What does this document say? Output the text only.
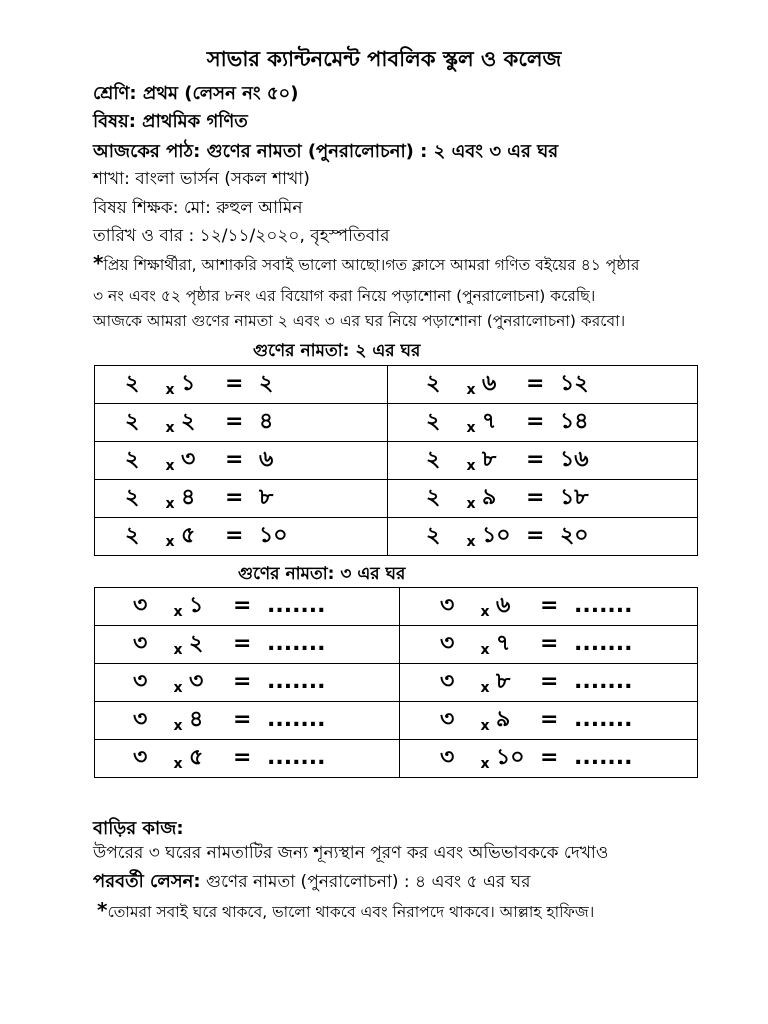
সাভার ক্যান্টনমেন্ট পাবলিক স্কুল ও কলেজ
শ্রেণি: প্রথম (লেসন নং ৫০)
বিষয়: প্রাথমিক গণিত
আজকের পাঠ: গুণের নামতা (পুনরালোচনা) : ২ এবং ৩ এর ঘর
শাখা: বাংলা ভার্সন (সকল শাখা)
বিষয় শিক্ষক: মো: রুহুল আমিন
তারিখ ও বার : ১২/১১/২০২০, বৃহস্পতিবার
*প্রিয় শিক্ষার্থীরা, আশাকরি সবাই ভালো আছো।গত ক্লাসে আমরা গণিত বইয়ের ৪১ পৃষ্ঠার
৩ নং এবং ৫২ পৃষ্ঠার ৮নং এর বিয়োগ করা নিয়ে পড়াশোনা (পুনরালোচনা) করেছি।
আজকে আমরা গুণের নামতা ২ এবং ৩ এর ঘর নিয়ে পড়াশোনা (পুনরালোচনা) করবো।
গুণের নামতা: ২ এর ঘর
২ x ১ = ২	২ x ৬ = ১২
২ x ২ = ৪	২ x ৭ = ১৪
২ x ৩ = ৬	২ x ৮ = ১৬
২ x ৪ = ৮	২ x ৯ = ১৮
২ x ৫ = ১০	২ x ১০ = ২০
গুণের নামতা: ৩ এর ঘর
৩ x ১ = .......	৩ x ৬ = .......
৩ x ২ = .......	৩ x ৭ = .......
৩ x ৩ = .......	৩ x ৮ = .......
৩ x ৪ = .......	৩ x ৯ = .......
৩ x ৫ = .......	৩ x ১০ = .......
বাড়ির কাজ:
উপরের ৩ ঘরের নামতাটির জন্য শূন্যস্থান পূরণ কর এবং অভিভাবককে দেখাও
পরবর্তী লেসন: গুণের নামতা (পুনরালোচনা) : ৪ এবং ৫ এর ঘর
*তোমরা সবাই ঘরে থাকবে, ভালো থাকবে এবং নিরাপদে থাকবে। আল্লাহ হাফিজ।
